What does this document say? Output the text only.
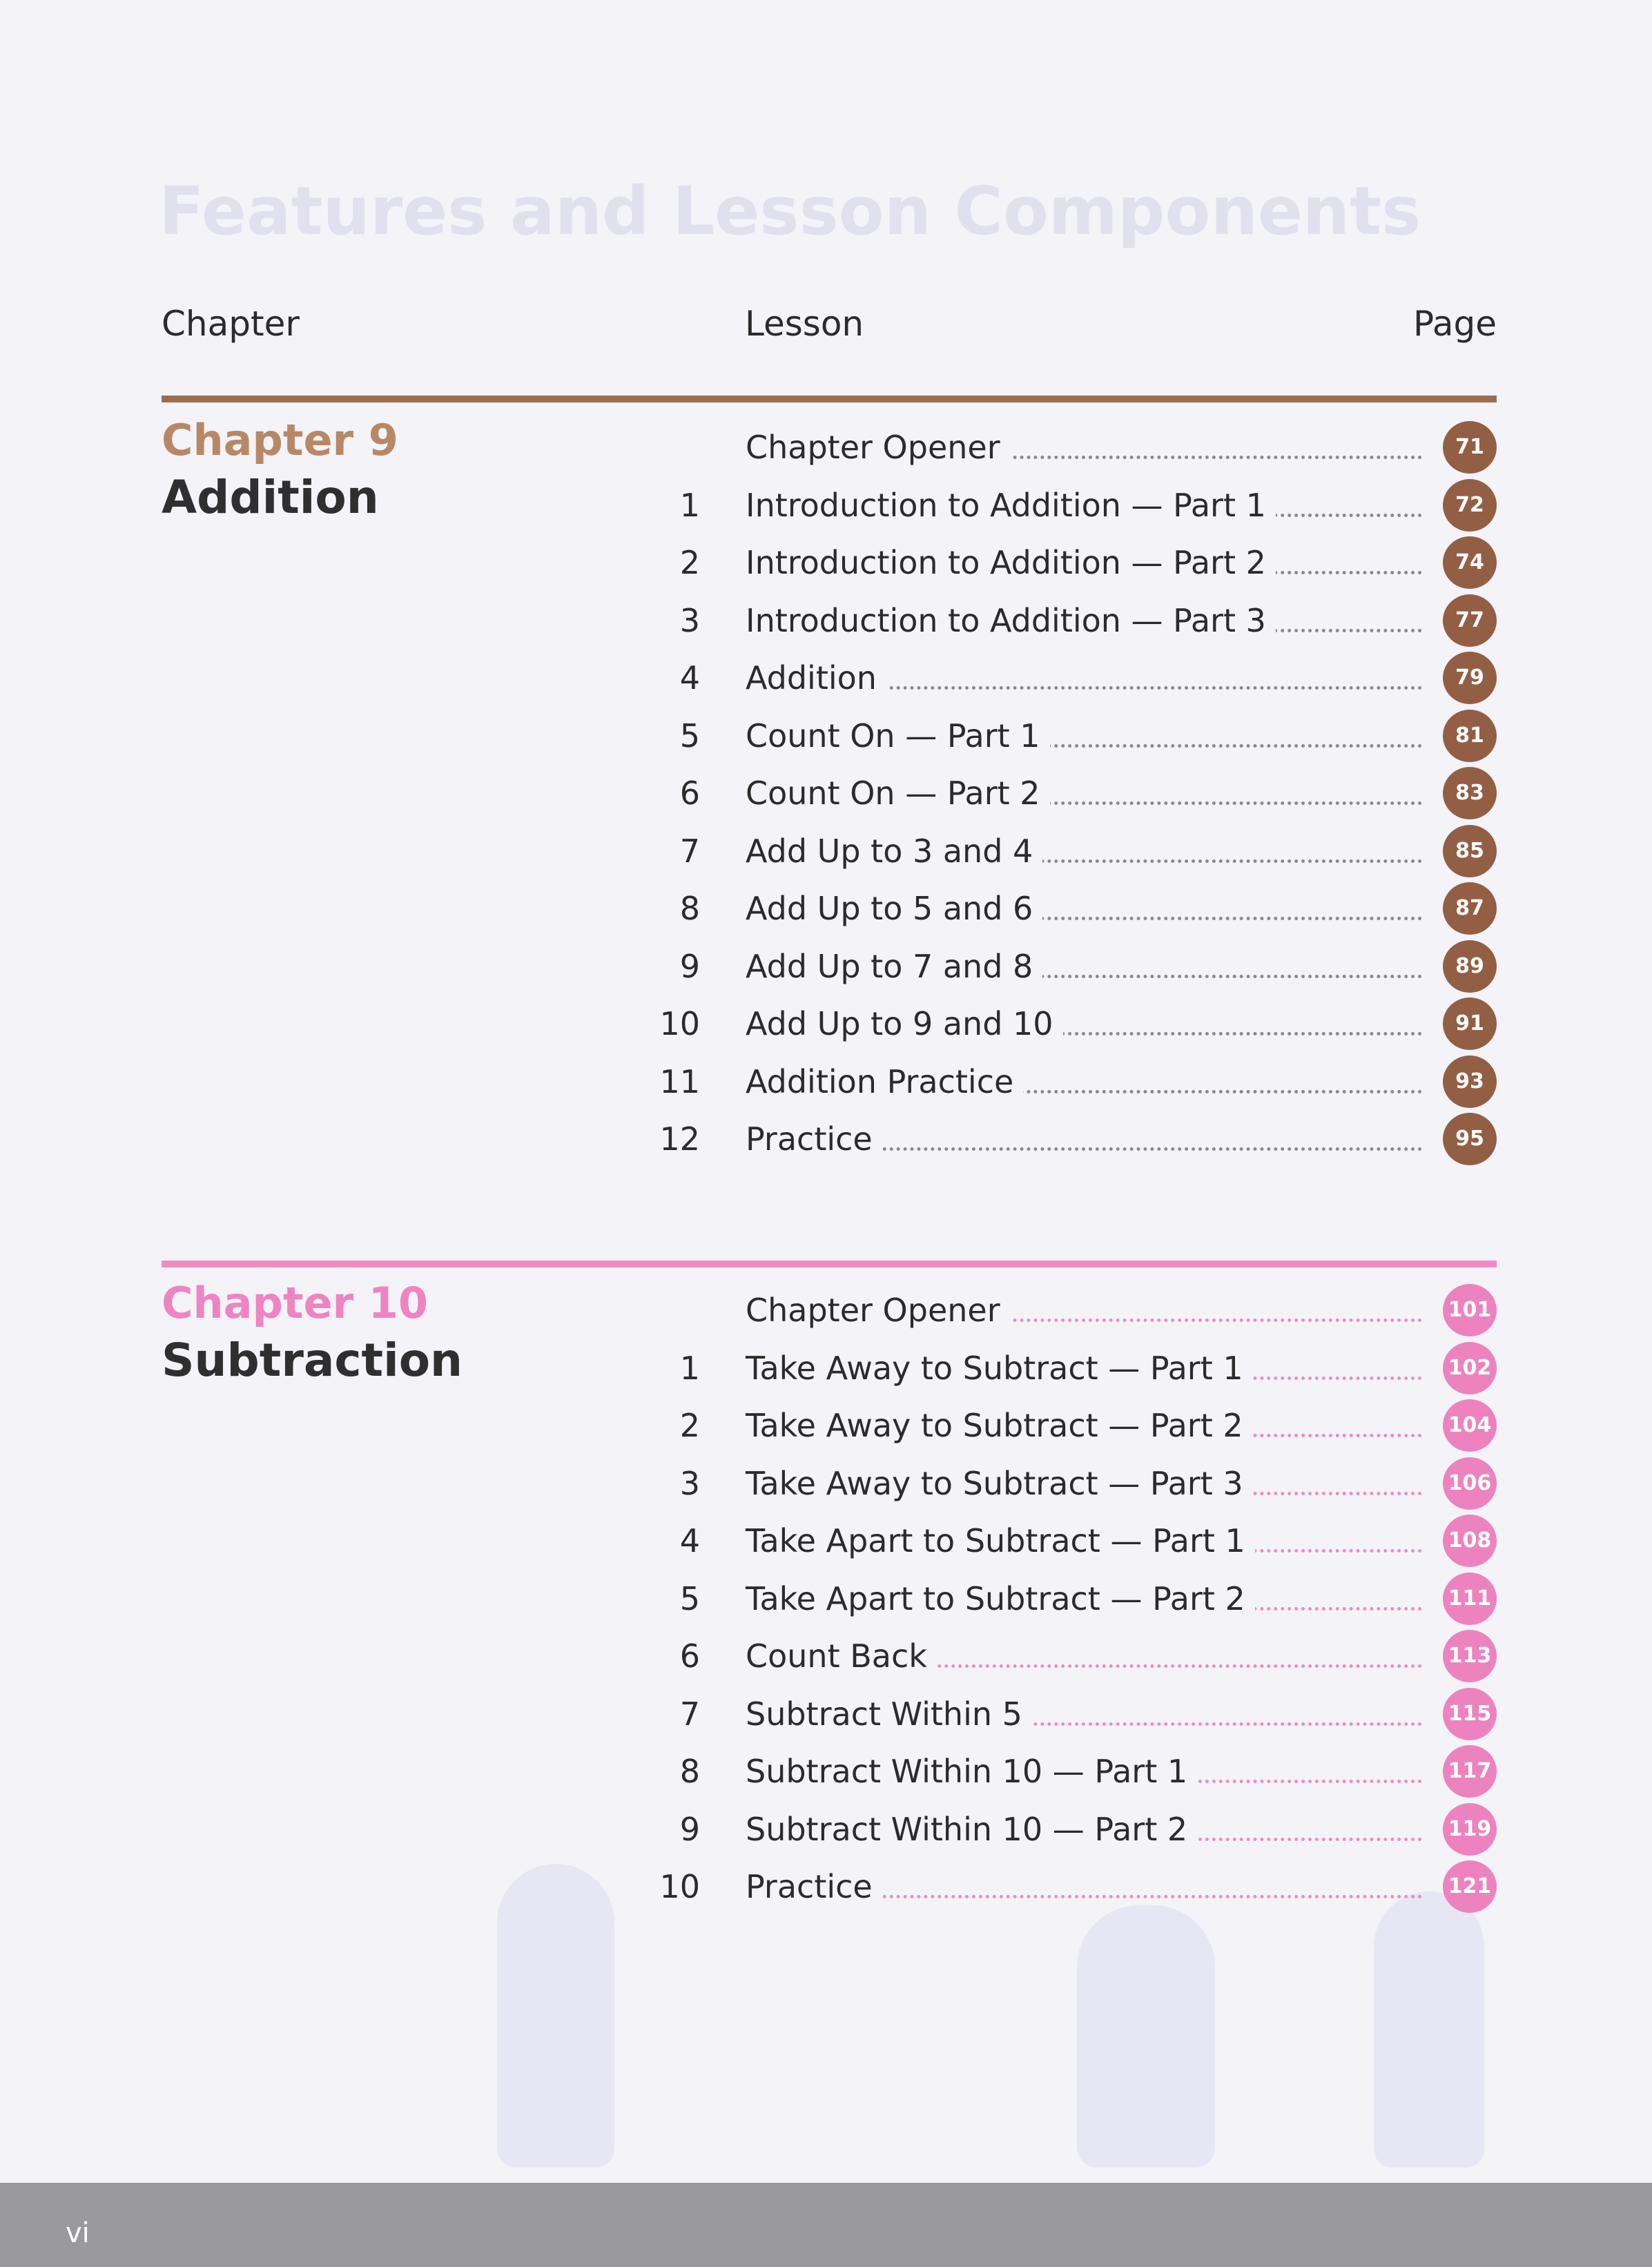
Features and Lesson Components
Chapter	Lesson	Page
Chapter 9
Addition
Chapter Opener	71
1 Introduction to Addition — Part 1	72
2 Introduction to Addition — Part 2	74
3 Introduction to Addition — Part 3	77
4 Addition	79
5 Count On — Part 1	81
6 Count On — Part 2	83
7 Add Up to 3 and 4	85
8 Add Up to 5 and 6	87
9 Add Up to 7 and 8	89
10 Add Up to 9 and 10	91
11 Addition Practice	93
12 Practice	95
Chapter 10
Subtraction
Chapter Opener	101
1 Take Away to Subtract — Part 1	102
2 Take Away to Subtract — Part 2	104
3 Take Away to Subtract — Part 3	106
4 Take Apart to Subtract — Part 1	108
5 Take Apart to Subtract — Part 2	111
6 Count Back	113
7 Subtract Within 5	115
8 Subtract Within 10 — Part 1	117
9 Subtract Within 10 — Part 2	119
10 Practice	121
vi
